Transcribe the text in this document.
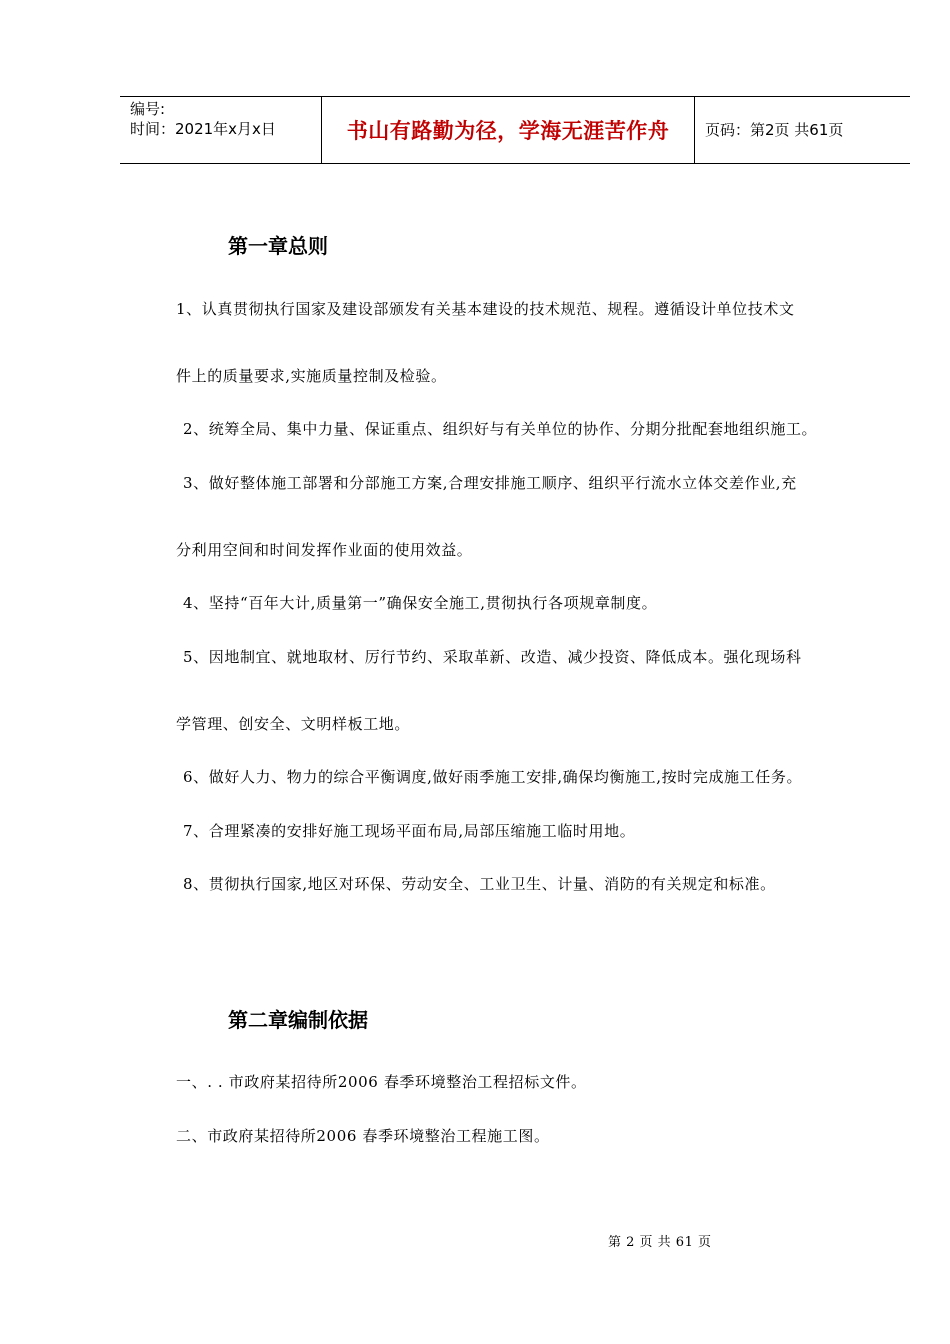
编号:
时间：2021年x月x日	书山有路勤为径，学海无涯苦作舟	页码：第2页 共61页
第一章总则
1、认真贯彻执行国家及建设部颁发有关基本建设的技术规范、规程。遵循设计单位技术文
件上的质量要求,实施质量控制及检验。
2、统筹全局、集中力量、保证重点、组织好与有关单位的协作、分期分批配套地组织施工。
3、做好整体施工部署和分部施工方案,合理安排施工顺序、组织平行流水立体交差作业,充
分利用空间和时间发挥作业面的使用效益。
4、坚持“百年大计,质量第一”确保安全施工,贯彻执行各项规章制度。
5、因地制宜、就地取材、厉行节约、采取革新、改造、减少投资、降低成本。强化现场科
学管理、创安全、文明样板工地。
6、做好人力、物力的综合平衡调度,做好雨季施工安排,确保均衡施工,按时完成施工任务。
7、合理紧凑的安排好施工现场平面布局,局部压缩施工临时用地。
8、贯彻执行国家,地区对环保、劳动安全、工业卫生、计量、消防的有关规定和标准。
第二章编制依据
一、. . 市政府某招待所2006 春季环境整治工程招标文件。
二、市政府某招待所2006 春季环境整治工程施工图。
第 2 页 共 61 页
